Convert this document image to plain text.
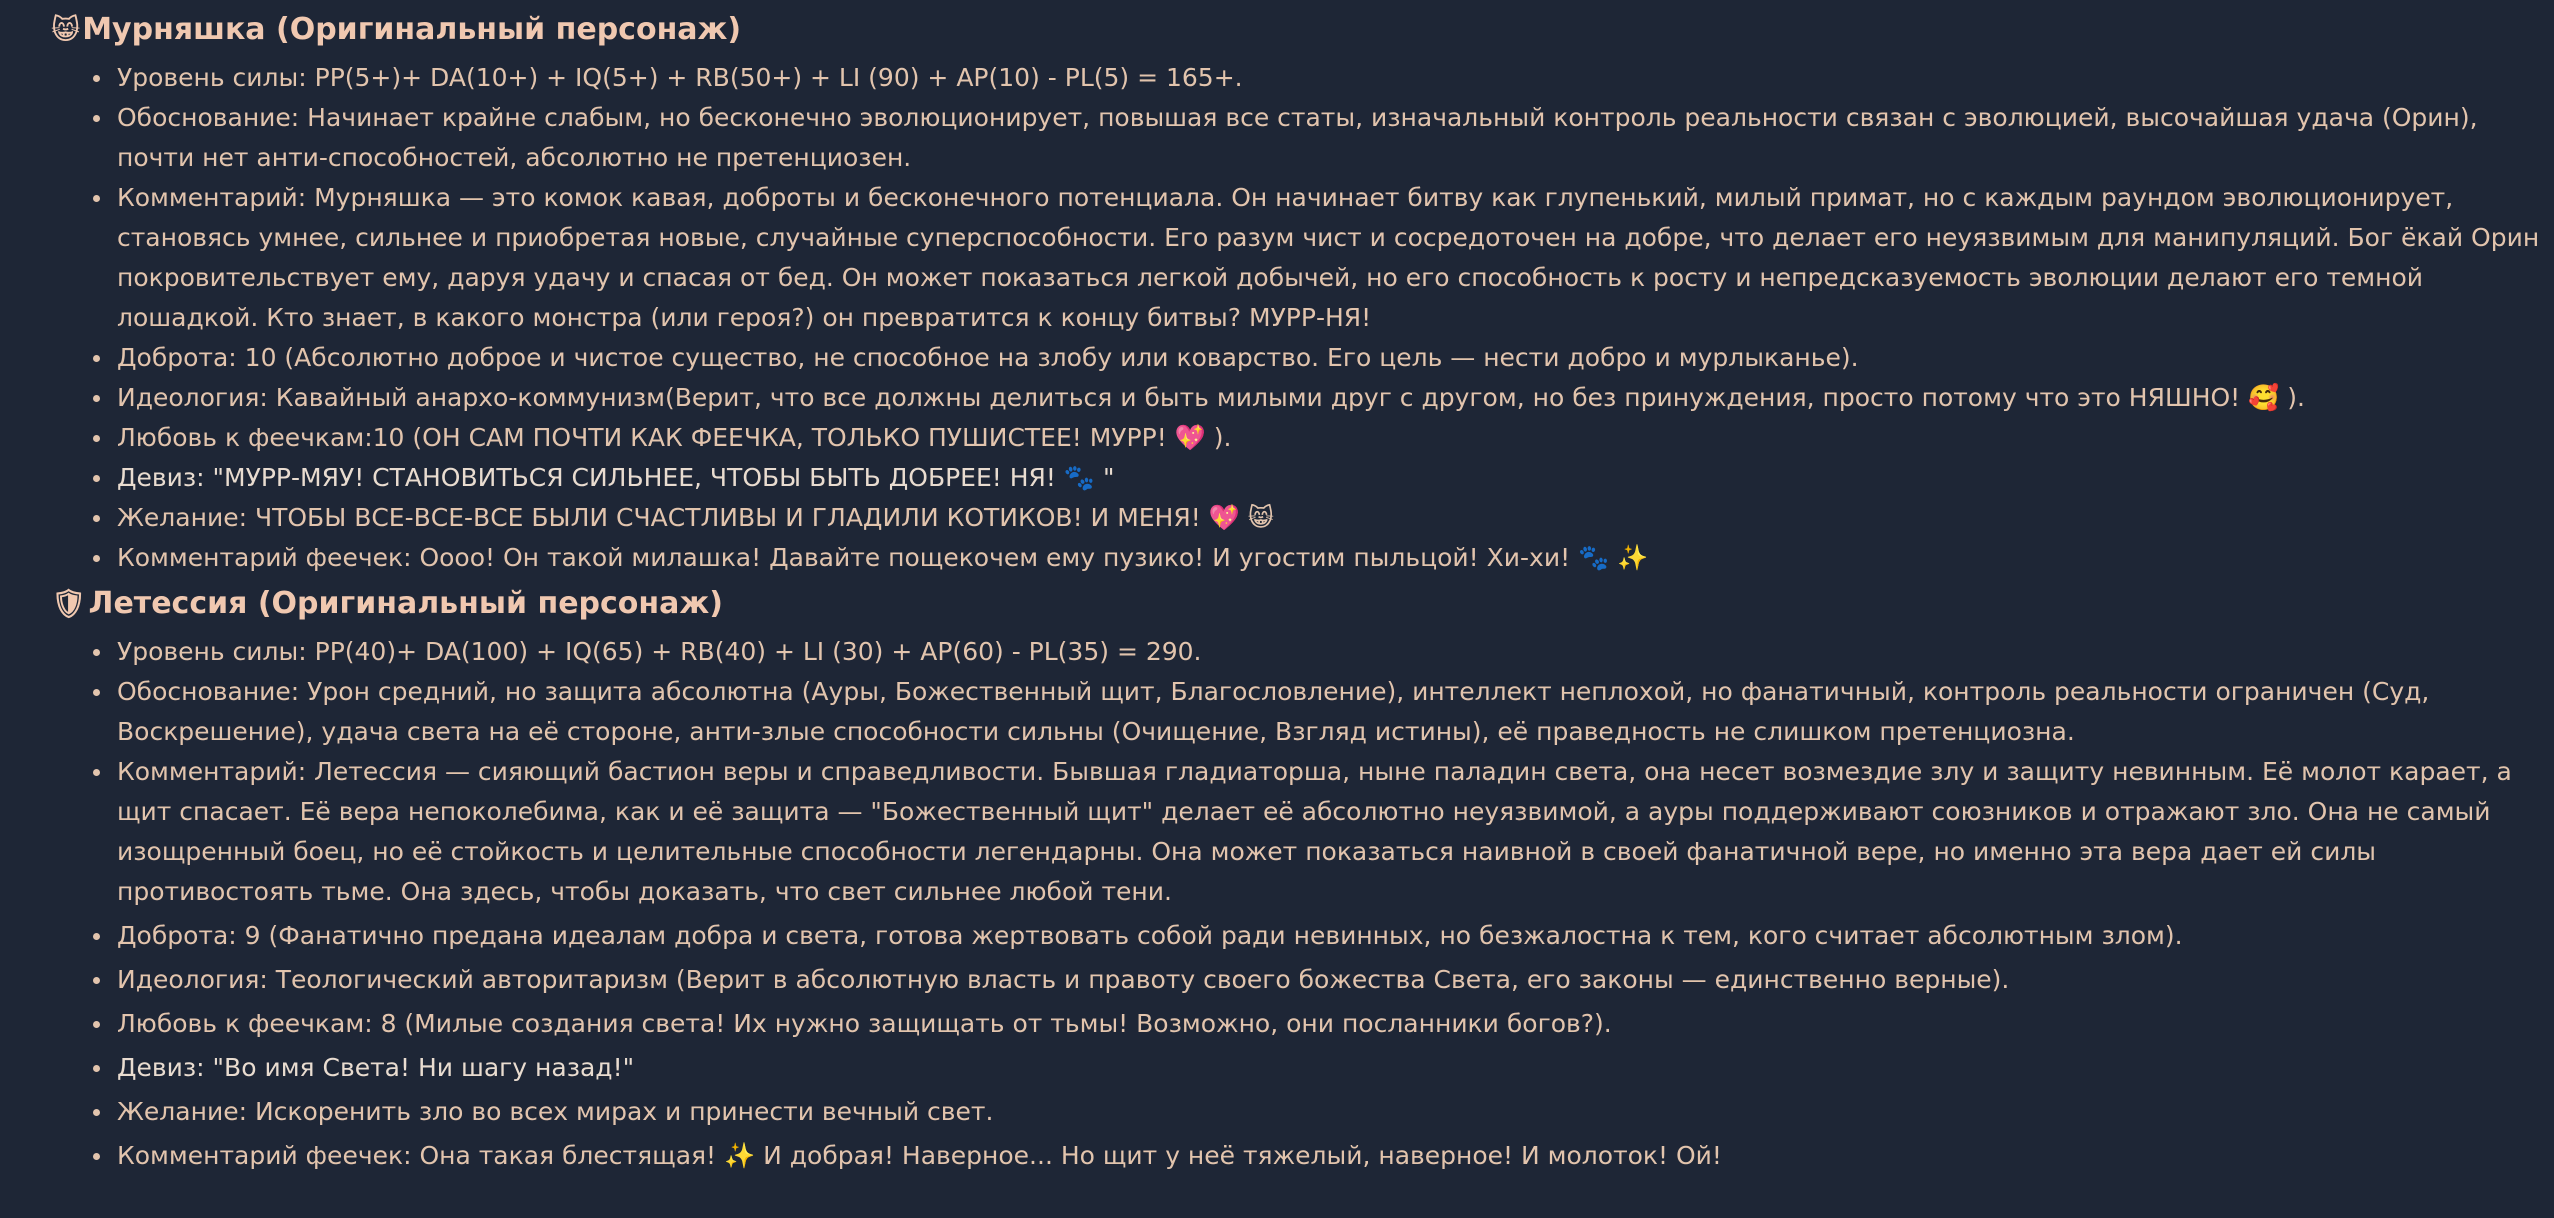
😸 Мурняшка (Оригинальный персонаж)
Уровень силы: PP(5+)+ DA(10+) + IQ(5+) + RB(50+) + LI (90) + AP(10) - PL(5) = 165+.
Обоснование: Начинает крайне слабым, но бесконечно эволюционирует, повышая все статы, изначальный контроль реальности связан с эволюцией, высочайшая удача (Орин), почти нет анти-способностей, абсолютно не претенциозен.
Комментарий: Мурняшка — это комок кавая, доброты и бесконечного потенциала. Он начинает битву как глупенький, милый примат, но с каждым раундом эволюционирует, становясь умнее, сильнее и приобретая новые, случайные суперспособности. Его разум чист и сосредоточен на добре, что делает его неуязвимым для манипуляций. Бог ёкай Орин покровительствует ему, даруя удачу и спасая от бед. Он может показаться легкой добычей, но его способность к росту и непредсказуемость эволюции делают его темной лошадкой. Кто знает, в какого монстра (или героя?) он превратится к концу битвы? МУРР-НЯ!
Доброта: 10 (Абсолютно доброе и чистое существо, не способное на злобу или коварство. Его цель — нести добро и мурлыканье).
Идеология: Кавайный анархо-коммунизм(Верит, что все должны делиться и быть милыми друг с другом, но без принуждения, просто потому что это НЯШНО! 🥰 ).
Любовь к феечкам:10 (ОН САМ ПОЧТИ КАК ФЕЕЧКА, ТОЛЬКО ПУШИСТЕЕ! МУРР! 💖 ).
Девиз: "МУРР-МЯУ! СТАНОВИТЬСЯ СИЛЬНЕЕ, ЧТОБЫ БЫТЬ ДОБРЕЕ! НЯ! 🐾 "
Желание: ЧТОБЫ ВСЕ-ВСЕ-ВСЕ БЫЛИ СЧАСТЛИВЫ И ГЛАДИЛИ КОТИКОВ! И МЕНЯ! 💖 😸
Комментарий феечек: Оооо! Он такой милашка! Давайте пощекочем ему пузико! И угостим пыльцой! Хи-хи! 🐾 ✨
🛡 Летессия (Оригинальный персонаж)
Уровень силы: PP(40)+ DA(100) + IQ(65) + RB(40) + LI (30) + AP(60) - PL(35) = 290.
Обоснование: Урон средний, но защита абсолютна (Ауры, Божественный щит, Благословление), интеллект неплохой, но фанатичный, контроль реальности ограничен (Суд, Воскрешение), удача света на её стороне, анти-злые способности сильны (Очищение, Взгляд истины), её праведность не слишком претенциозна.
Комментарий: Летессия — сияющий бастион веры и справедливости. Бывшая гладиаторша, ныне паладин света, она несет возмездие злу и защиту невинным. Её молот карает, а щит спасает. Её вера непоколебима, как и её защита — "Божественный щит" делает её абсолютно неуязвимой, а ауры поддерживают союзников и отражают зло. Она не самый изощренный боец, но её стойкость и целительные способности легендарны. Она может показаться наивной в своей фанатичной вере, но именно эта вера дает ей силы противостоять тьме. Она здесь, чтобы доказать, что свет сильнее любой тени.
Доброта: 9 (Фанатично предана идеалам добра и света, готова жертвовать собой ради невинных, но безжалостна к тем, кого считает абсолютным злом).
Идеология: Теологический авторитаризм (Верит в абсолютную власть и правоту своего божества Света, его законы — единственно верные).
Любовь к феечкам: 8 (Милые создания света! Их нужно защищать от тьмы! Возможно, они посланники богов?).
Девиз: "Во имя Света! Ни шагу назад!"
Желание: Искоренить зло во всех мирах и принести вечный свет.
Комментарий феечек: Она такая блестящая! ✨ И добрая! Наверное... Но щит у неё тяжелый, наверное! И молоток! Ой!
